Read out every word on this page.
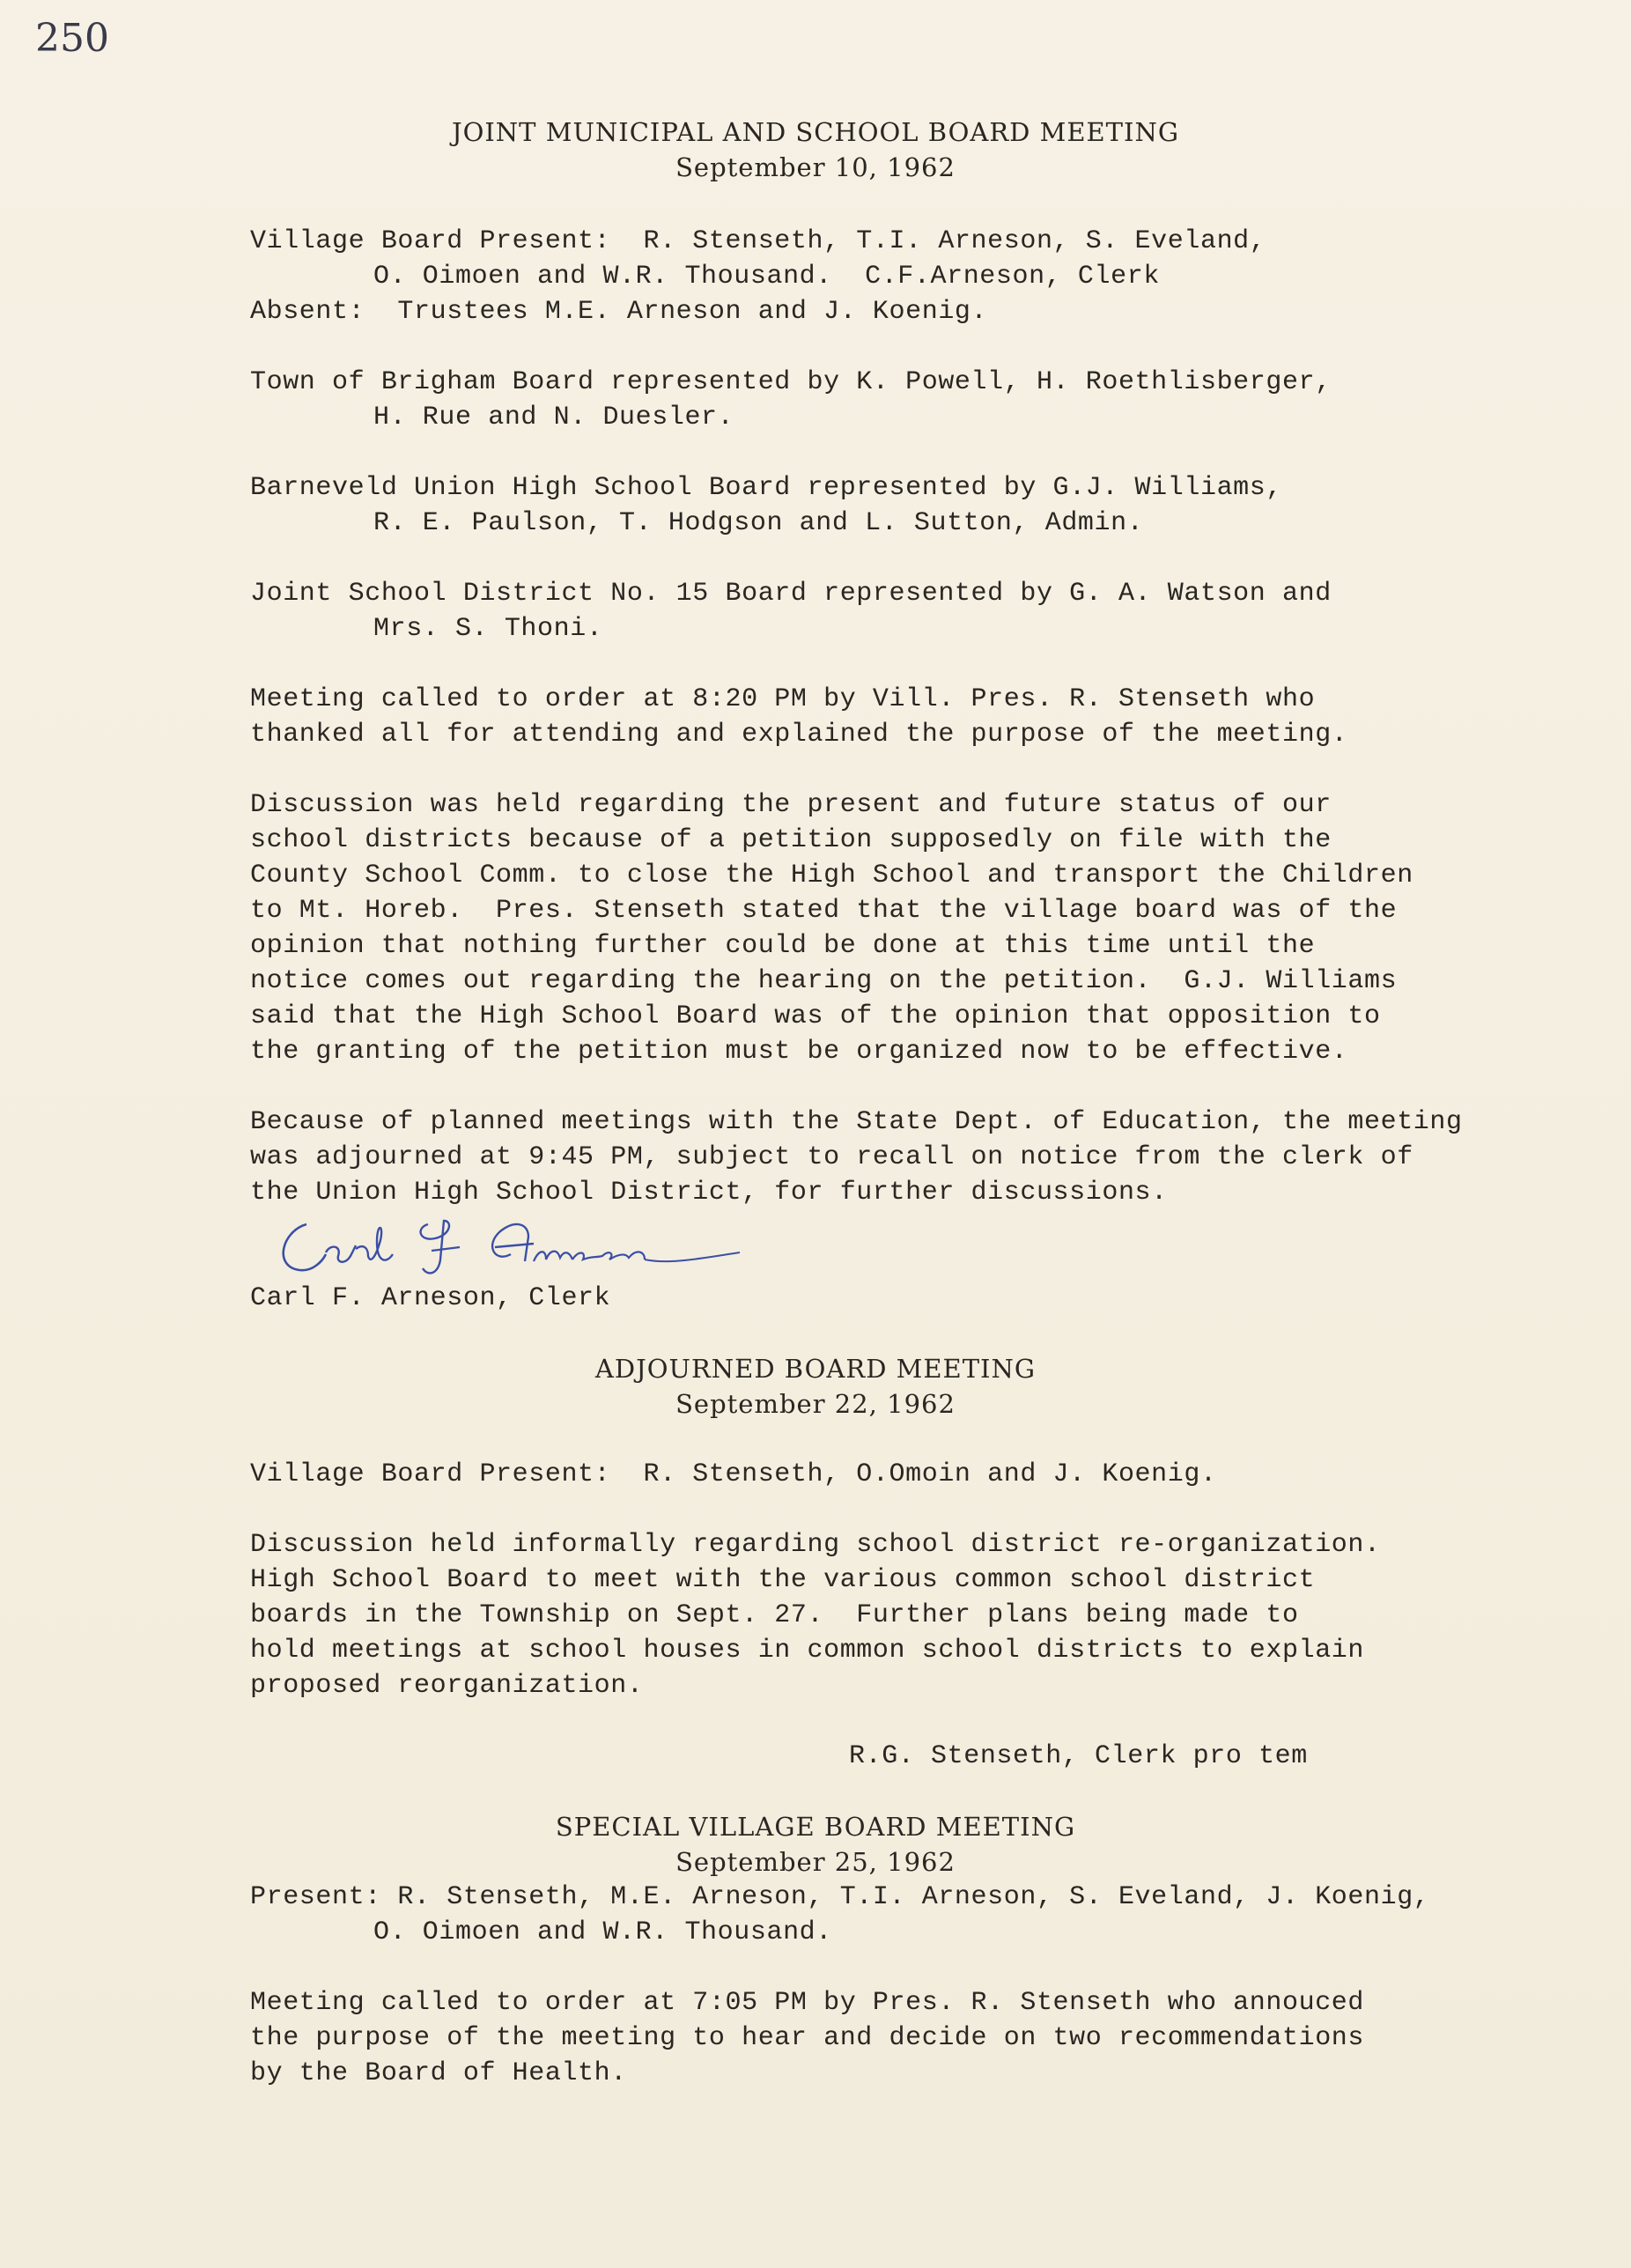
250
JOINT MUNICIPAL AND SCHOOL BOARD MEETING
September 10, 1962
Village Board Present:  R. Stenseth, T.I. Arneson, S. Eveland,
O. Oimoen and W.R. Thousand.  C.F.Arneson, Clerk
Absent:  Trustees M.E. Arneson and J. Koenig.
Town of Brigham Board represented by K. Powell, H. Roethlisberger,
H. Rue and N. Duesler.
Barneveld Union High School Board represented by G.J. Williams,
R. E. Paulson, T. Hodgson and L. Sutton, Admin.
Joint School District No. 15 Board represented by G. A. Watson and
Mrs. S. Thoni.
Meeting called to order at 8:20 PM by Vill. Pres. R. Stenseth who
thanked all for attending and explained the purpose of the meeting.
Discussion was held regarding the present and future status of our
school districts because of a petition supposedly on file with the
County School Comm. to close the High School and transport the Children
to Mt. Horeb.  Pres. Stenseth stated that the village board was of the
opinion that nothing further could be done at this time until the
notice comes out regarding the hearing on the petition.  G.J. Williams
said that the High School Board was of the opinion that opposition to
the granting of the petition must be organized now to be effective.
Because of planned meetings with the State Dept. of Education, the meeting
was adjourned at 9:45 PM, subject to recall on notice from the clerk of
the Union High School District, for further discussions.
Carl F. Arneson, Clerk
ADJOURNED BOARD MEETING
September 22, 1962
Village Board Present:  R. Stenseth, O.Omoin and J. Koenig.
Discussion held informally regarding school district re-organization.
High School Board to meet with the various common school district
boards in the Township on Sept. 27.  Further plans being made to
hold meetings at school houses in common school districts to explain
proposed reorganization.
R.G. Stenseth, Clerk pro tem
SPECIAL VILLAGE BOARD MEETING
September 25, 1962
Present: R. Stenseth, M.E. Arneson, T.I. Arneson, S. Eveland, J. Koenig,
O. Oimoen and W.R. Thousand.
Meeting called to order at 7:05 PM by Pres. R. Stenseth who annouced
the purpose of the meeting to hear and decide on two recommendations
by the Board of Health.
